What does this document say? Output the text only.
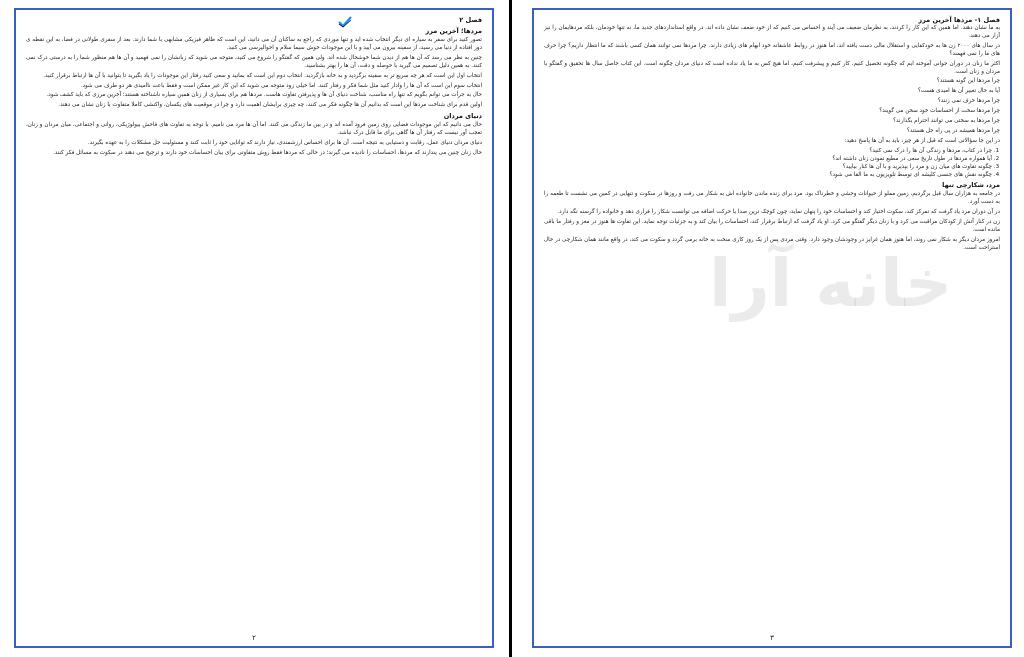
فصل ۲
مردها؛ آخرین مرز

تصور کنید برای سفر به سیاره ای دیگر انتخاب شده اید و تنها موردی که راجع به ساکنان آن می دانید، این است که ظاهر فیزیکی مشابهی با شما دارند. بعد از سفری طولانی در فضا، به این نقطه ی دور افتاده از دنیا می رسید، از سفینه بیرون می آیید و با این موجودات خوش سیما سلام و احوالپرسی می کنید.

چنین به نظر می رسد که آن ها هم از دیدن شما خوشحال شده اند. ولی همین که گفتگو را شروع می کنید، متوجه می شوید که زبانشان را نمی فهمید و آن ها هم منظور شما را به درستی درک نمی کنند. به همین دلیل تصمیم می گیرید با حوصله و دقت، آن ها را بهتر بشناسید.

انتخاب اول این است که هر چه سریع تر به سفینه برگردید و به خانه بازگردید. انتخاب دوم این است که بمانید و سعی کنید رفتار این موجودات را یاد بگیرید تا بتوانید با آن ها ارتباط برقرار کنید.

انتخاب سوم این است که آن ها را وادار کنید مثل شما فکر و رفتار کنند. اما خیلی زود متوجه می شوید که این کار غیر ممکن است و فقط باعث ناامیدی هر دو طرف می شود.

حال به جرأت می توانم بگویم که تنها راه مناسب، شناخت دنیای آن ها و پذیرفتن تفاوت هاست. مردها هم برای بسیاری از زنان همین سیاره ناشناخته هستند؛ آخرین مرزی که باید کشف شود.

اولین قدم برای شناخت مردها این است که بدانیم آن ها چگونه فکر می کنند، چه چیزی برایشان اهمیت دارد و چرا در موقعیت های یکسان، واکنشی کاملا متفاوت با زنان نشان می دهند.

دنیای مردان

حال می دانیم که این موجودات فضایی روی زمین فرود آمده اند و در بین ما زندگی می کنند. اما آن ها مرد می نامیم. با توجه به تفاوت های فاحش بیولوژیکی، روانی و اجتماعی، میان مردان و زنان، تعجب آور نیست که رفتار آن ها گاهی برای ما قابل درک نباشد.

دنیای مردان دنیای عمل، رقابت و دستیابی به نتیجه است. آن ها برای احساس ارزشمندی، نیاز دارند که توانایی خود را ثابت کنند و مسئولیت حل مشکلات را به عهده بگیرند.

حال زنان چنین می پندارند که مردها، احساسات را نادیده می گیرند؛ در حالی که مردها فقط روش متفاوتی برای بیان احساسات خود دارند و ترجیح می دهند در سکوت به مسائل فکر کنند.

۲
فصل ۱- مردها آخرین مرز

به ما نشان دهند. اما همین که این کار را کردند، به نظرمان ضعیف می آیند و احساس می کنیم که از خود ضعف نشان داده اند. در واقع استانداردهای جدید ما، نه تنها خودمان، بلکه مردهایمان را نیز آزار می دهند.

در سال های ۲۰۰۰ زن ها به خودکفایی و استقلال مالی دست یافته اند، اما هنوز در روابط عاشقانه خود ابهام های زیادی دارند. چرا مردها نمی توانند همان کسی باشند که ما انتظار داریم؟ چرا حرف های ما را نمی فهمند؟

اکثر ما زنان در دوران جوانی آموخته ایم که چگونه تحصیل کنیم، کار کنیم و پیشرفت کنیم، اما هیچ کس به ما یاد نداده است که دنیای مردان چگونه است. این کتاب حاصل سال ها تحقیق و گفتگو با مردان و زنان است.

چرا مردها این گونه هستند؟

آیا به حال تغییر آن ها امیدی هست؟

چرا مردها حرف نمی زنند؟

چرا مردها سخت از احساسات خود سخن می گویند؟

چرا مردها به سختی می توانند احترام بگذارند؟

چرا مردها همیشه در پی راه حل هستند؟

در این جا سؤالاتی است که قبل از هر چیز، باید به آن ها پاسخ دهید:

1. چرا در کتاب، مردها و زندگی آن ها را درک نمی کنید؟
2. آیا همواره مردها در طول تاریخ سعی در مطیع نمودن زنان داشته اند؟
3. چگونه تفاوت های میان زن و مرد را بپذیرید و با آن ها کنار بیایید؟
4. چگونه نقش های جنسی کلیشه ای توسط تلویزیون به ما القا می شود؟
مرد، شکارچی تنها

در جامعه به هزاران سال قبل برگردیم، زمین مملو از حیوانات وحشی و خطرناک بود. مرد برای زنده ماندن خانواده اش به شکار می رفت و روزها در سکوت و تنهایی در کمین می نشست تا طعمه را به دست آورد.

در آن دوران مرد یاد گرفت که تمرکز کند، سکوت اختیار کند و احساسات خود را پنهان نماید، چون کوچک ترین صدا یا حرکت اضافه می توانست شکار را فراری دهد و خانواده را گرسنه نگه دارد.

زن در کنار آتش از کودکان مراقبت می کرد و با زنان دیگر گفتگو می کرد. او یاد گرفت که ارتباط برقرار کند، احساسات را بیان کند و به جزئیات توجه نماید. این تفاوت ها هنوز در مغز و رفتار ما باقی مانده است.

امروز مردان دیگر به شکار نمی روند، اما هنوز همان غرایز در وجودشان وجود دارد. وقتی مردی پس از یک روز کاری سخت به خانه برمی گردد و سکوت می کند، در واقع مانند همان شکارچی در حال استراحت است.

خانه آرا
۳
